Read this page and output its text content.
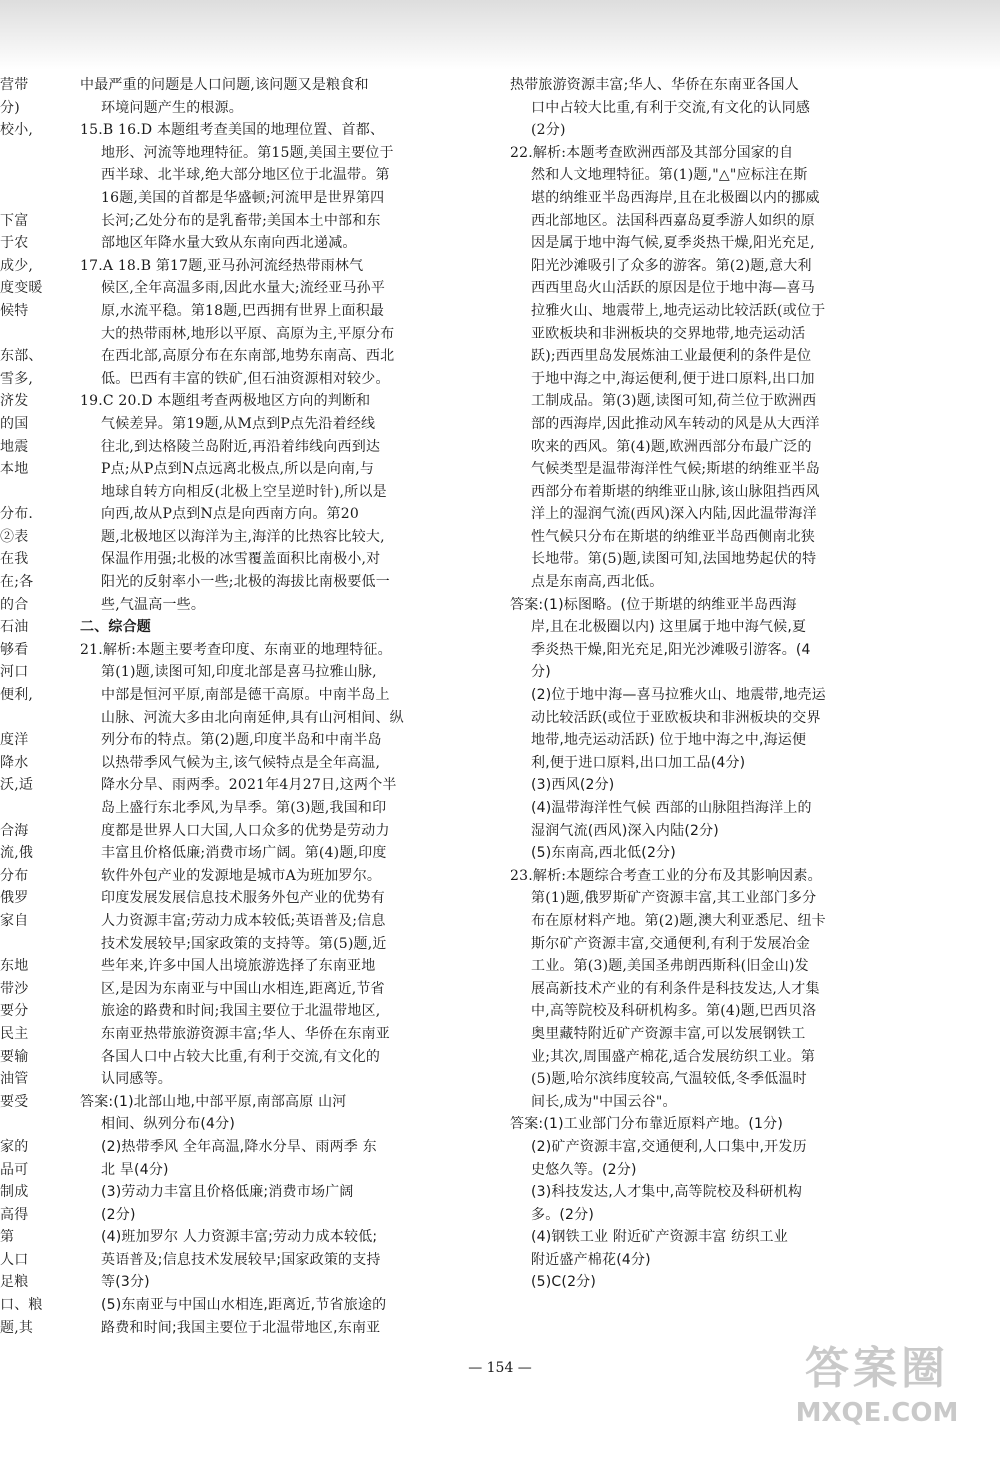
营带
分)
校小,

下富
于农
成少,
度变暖
候特

东部、
雪多,
济发
的国
地震
本地

分布.
②表
在我
在;各
的合
石油
够看
河口
便利,

度洋
降水
沃,适

合海
流,俄
分布
俄罗
家自

东地
带沙
要分
民主
要输
油管
要受

家的
品可
制成
高得
第
人口
足粮
口、粮
题,其

中最严重的问题是人口问题,该问题又是粮食和
环境问题产生的根源。

15.B 16.D 本题组考查美国的地理位置、首都、
地形、河流等地理特征。第15题,美国主要位于
西半球、北半球,绝大部分地区位于北温带。第
16题,美国的首都是华盛顿;河流甲是世界第四
长河;乙处分布的是乳畜带;美国本土中部和东
部地区年降水量大致从东南向西北递减。

17.A 18.B 第17题,亚马孙河流经热带雨林气
候区,全年高温多雨,因此水量大;流经亚马孙平
原,水流平稳。第18题,巴西拥有世界上面积最
大的热带雨林,地形以平原、高原为主,平原分布
在西北部,高原分布在东南部,地势东南高、西北
低。巴西有丰富的铁矿,但石油资源相对较少。

19.C 20.D 本题组考查两极地区方向的判断和
气候差异。第19题,从M点到P点先沿着经线
往北,到达格陵兰岛附近,再沿着纬线向西到达
P点;从P点到N点远离北极点,所以是向南,与
地球自转方向相反(北极上空呈逆时针),所以是
向西,故从P点到N点是向西南方向。第20
题,北极地区以海洋为主,海洋的比热容比较大,
保温作用强;北极的冰雪覆盖面积比南极小,对
阳光的反射率小一些;北极的海拔比南极要低一
些,气温高一些。

二、综合题

21.解析:本题主要考查印度、东南亚的地理特征。
第(1)题,读图可知,印度北部是喜马拉雅山脉,
中部是恒河平原,南部是德干高原。中南半岛上
山脉、河流大多由北向南延伸,具有山河相间、纵
列分布的特点。第(2)题,印度半岛和中南半岛
以热带季风气候为主,该气候特点是全年高温,
降水分旱、雨两季。2021年4月27日,这两个半
岛上盛行东北季风,为旱季。第(3)题,我国和印
度都是世界人口大国,人口众多的优势是劳动力
丰富且价格低廉;消费市场广阔。第(4)题,印度
软件外包产业的发源地是城市A为班加罗尔。
印度发展发展信息技术服务外包产业的优势有
人力资源丰富;劳动力成本较低;英语普及;信息
技术发展较早;国家政策的支持等。第(5)题,近
些年来,许多中国人出境旅游选择了东南亚地
区,是因为东南亚与中国山水相连,距离近,节省
旅途的路费和时间;我国主要位于北温带地区,
东南亚热带旅游资源丰富;华人、华侨在东南亚
各国人口中占较大比重,有利于交流,有文化的
认同感等。

答案:(1)北部山地,中部平原,南部高原 山河
相间、纵列分布(4分)
(2)热带季风 全年高温,降水分旱、雨两季 东
北 旱(4分)
(3)劳动力丰富且价格低廉;消费市场广阔
(2分)
(4)班加罗尔 人力资源丰富;劳动力成本较低;
英语普及;信息技术发展较早;国家政策的支持
等(3分)
(5)东南亚与中国山水相连,距离近,节省旅途的
路费和时间;我国主要位于北温带地区,东南亚

热带旅游资源丰富;华人、华侨在东南亚各国人
口中占较大比重,有利于交流,有文化的认同感
(2分)

22.解析:本题考查欧洲西部及其部分国家的自
然和人文地理特征。第(1)题,"△"应标注在斯
堪的纳维亚半岛西海岸,且在北极圈以内的挪威
西北部地区。法国科西嘉岛夏季游人如织的原
因是属于地中海气候,夏季炎热干燥,阳光充足,
阳光沙滩吸引了众多的游客。第(2)题,意大利
西西里岛火山活跃的原因是位于地中海—喜马
拉雅火山、地震带上,地壳运动比较活跃(或位于
亚欧板块和非洲板块的交界地带,地壳运动活
跃);西西里岛发展炼油工业最便利的条件是位
于地中海之中,海运便利,便于进口原料,出口加
工制成品。第(3)题,读图可知,荷兰位于欧洲西
部的西海岸,因此推动风车转动的风是从大西洋
吹来的西风。第(4)题,欧洲西部分布最广泛的
气候类型是温带海洋性气候;斯堪的纳维亚半岛
西部分布着斯堪的纳维亚山脉,该山脉阻挡西风
洋上的湿润气流(西风)深入内陆,因此温带海洋
性气候只分布在斯堪的纳维亚半岛西侧南北狭
长地带。第(5)题,读图可知,法国地势起伏的特
点是东南高,西北低。

答案:(1)标图略。(位于斯堪的纳维亚半岛西海
岸,且在北极圈以内) 这里属于地中海气候,夏
季炎热干燥,阳光充足,阳光沙滩吸引游客。(4
分)
(2)位于地中海—喜马拉雅火山、地震带,地壳运
动比较活跃(或位于亚欧板块和非洲板块的交界
地带,地壳运动活跃) 位于地中海之中,海运便
利,便于进口原料,出口加工品(4分)
(3)西风(2分)
(4)温带海洋性气候 西部的山脉阻挡海洋上的
湿润气流(西风)深入内陆(2分)
(5)东南高,西北低(2分)

23.解析:本题综合考查工业的分布及其影响因素。
第(1)题,俄罗斯矿产资源丰富,其工业部门多分
布在原材料产地。第(2)题,澳大利亚悉尼、纽卡
斯尔矿产资源丰富,交通便利,有利于发展冶金
工业。第(3)题,美国圣弗朗西斯科(旧金山)发
展高新技术产业的有利条件是科技发达,人才集
中,高等院校及科研机构多。第(4)题,巴西贝洛
奥里藏特附近矿产资源丰富,可以发展钢铁工
业;其次,周围盛产棉花,适合发展纺织工业。第
(5)题,哈尔滨纬度较高,气温较低,冬季低温时
间长,成为"中国云谷"。

答案:(1)工业部门分布靠近原料产地。(1分)
(2)矿产资源丰富,交通便利,人口集中,开发历
史悠久等。(2分)
(3)科技发达,人才集中,高等院校及科研机构
多。(2分)
(4)钢铁工业 附近矿产资源丰富 纺织工业
附近盛产棉花(4分)
(5)C(2分)

— 154 —	答案圈
MXQE.COM
